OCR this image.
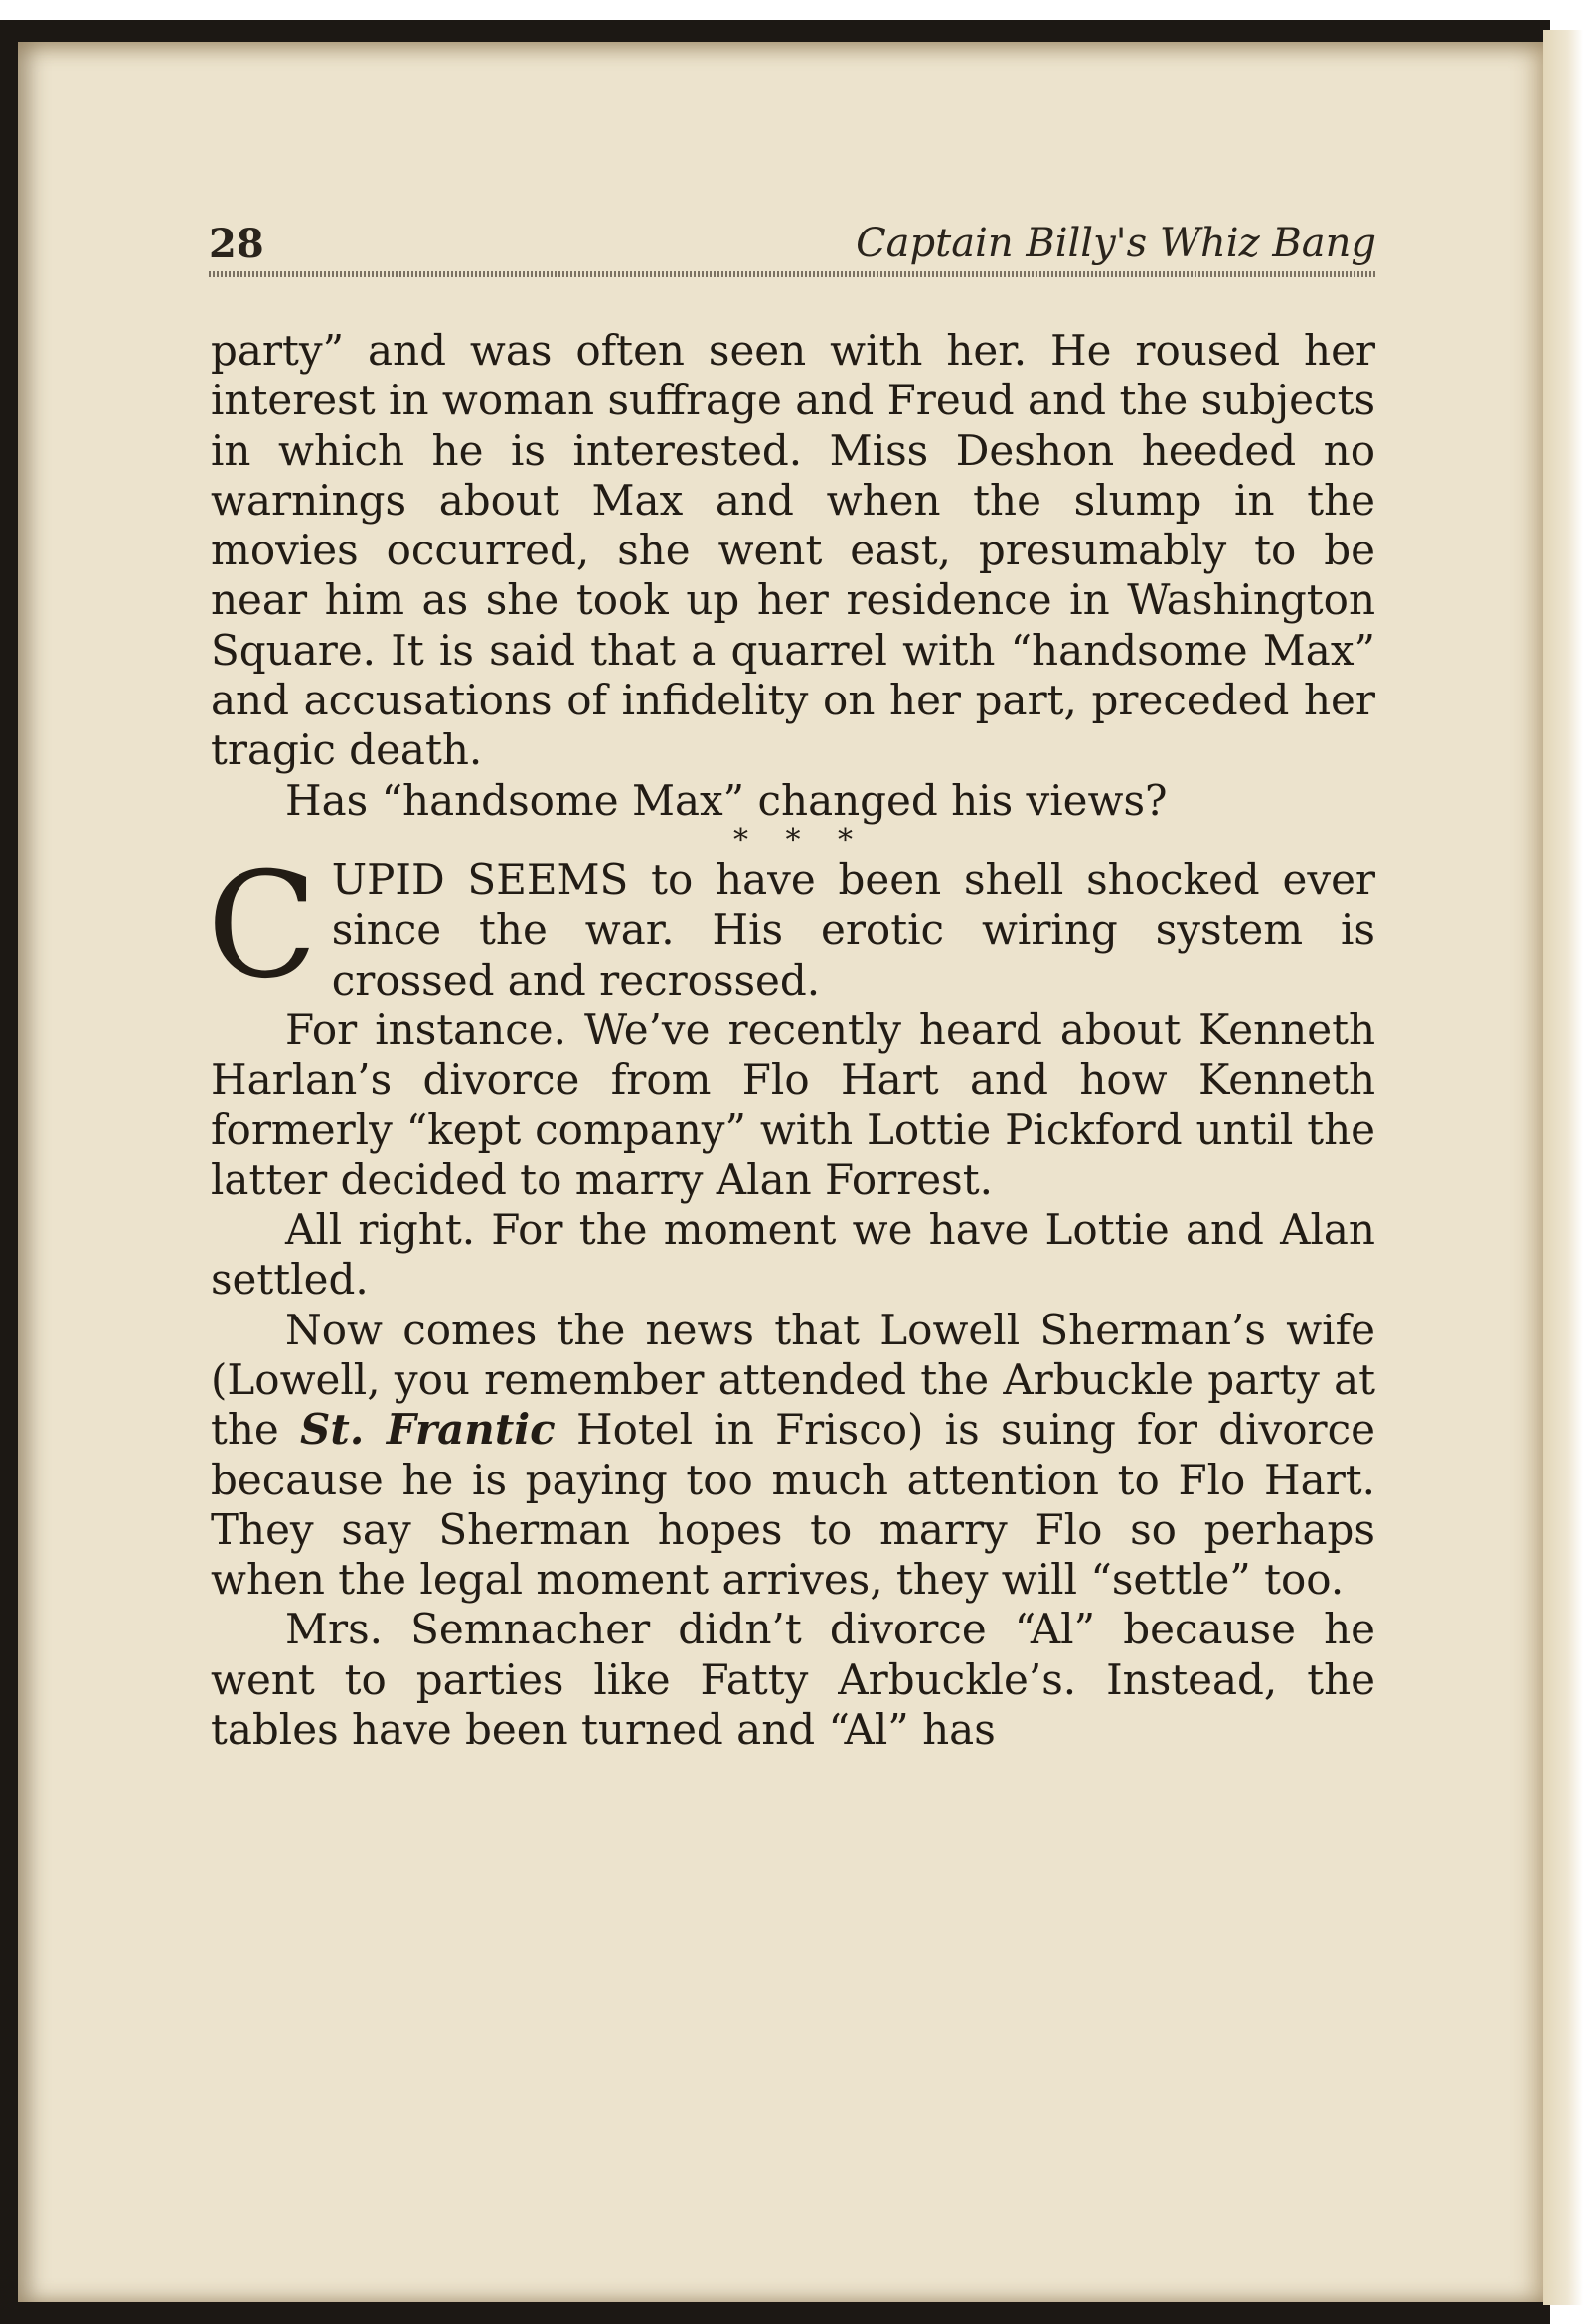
28	Captain Billy's Whiz Bang

party” and was often seen with her. He roused her interest in woman suffrage and Freud and the subjects in which he is interested. Miss Deshon heeded no warnings about Max and when the slump in the movies occurred, she went east, presumably to be near him as she took up her residence in Washington Square. It is said that a quarrel with “handsome Max” and accusations of infidelity on her part, preceded her tragic death.

Has “handsome Max” changed his views?

* * *

CUPID SEEMS to have been shell shocked ever since the war. His erotic wiring system is crossed and recrossed.

For instance. We’ve recently heard about Kenneth Harlan’s divorce from Flo Hart and how Kenneth formerly “kept company” with Lottie Pickford until the latter decided to marry Alan Forrest.

All right. For the moment we have Lottie and Alan settled.

Now comes the news that Lowell Sherman’s wife (Lowell, you remember attended the Arbuckle party at the St. Frantic Hotel in Frisco) is suing for divorce because he is paying too much attention to Flo Hart. They say Sherman hopes to marry Flo so perhaps when the legal moment arrives, they will “settle” too.

Mrs. Semnacher didn’t divorce “Al” because he went to parties like Fatty Arbuckle’s. Instead, the tables have been turned and “Al” has
